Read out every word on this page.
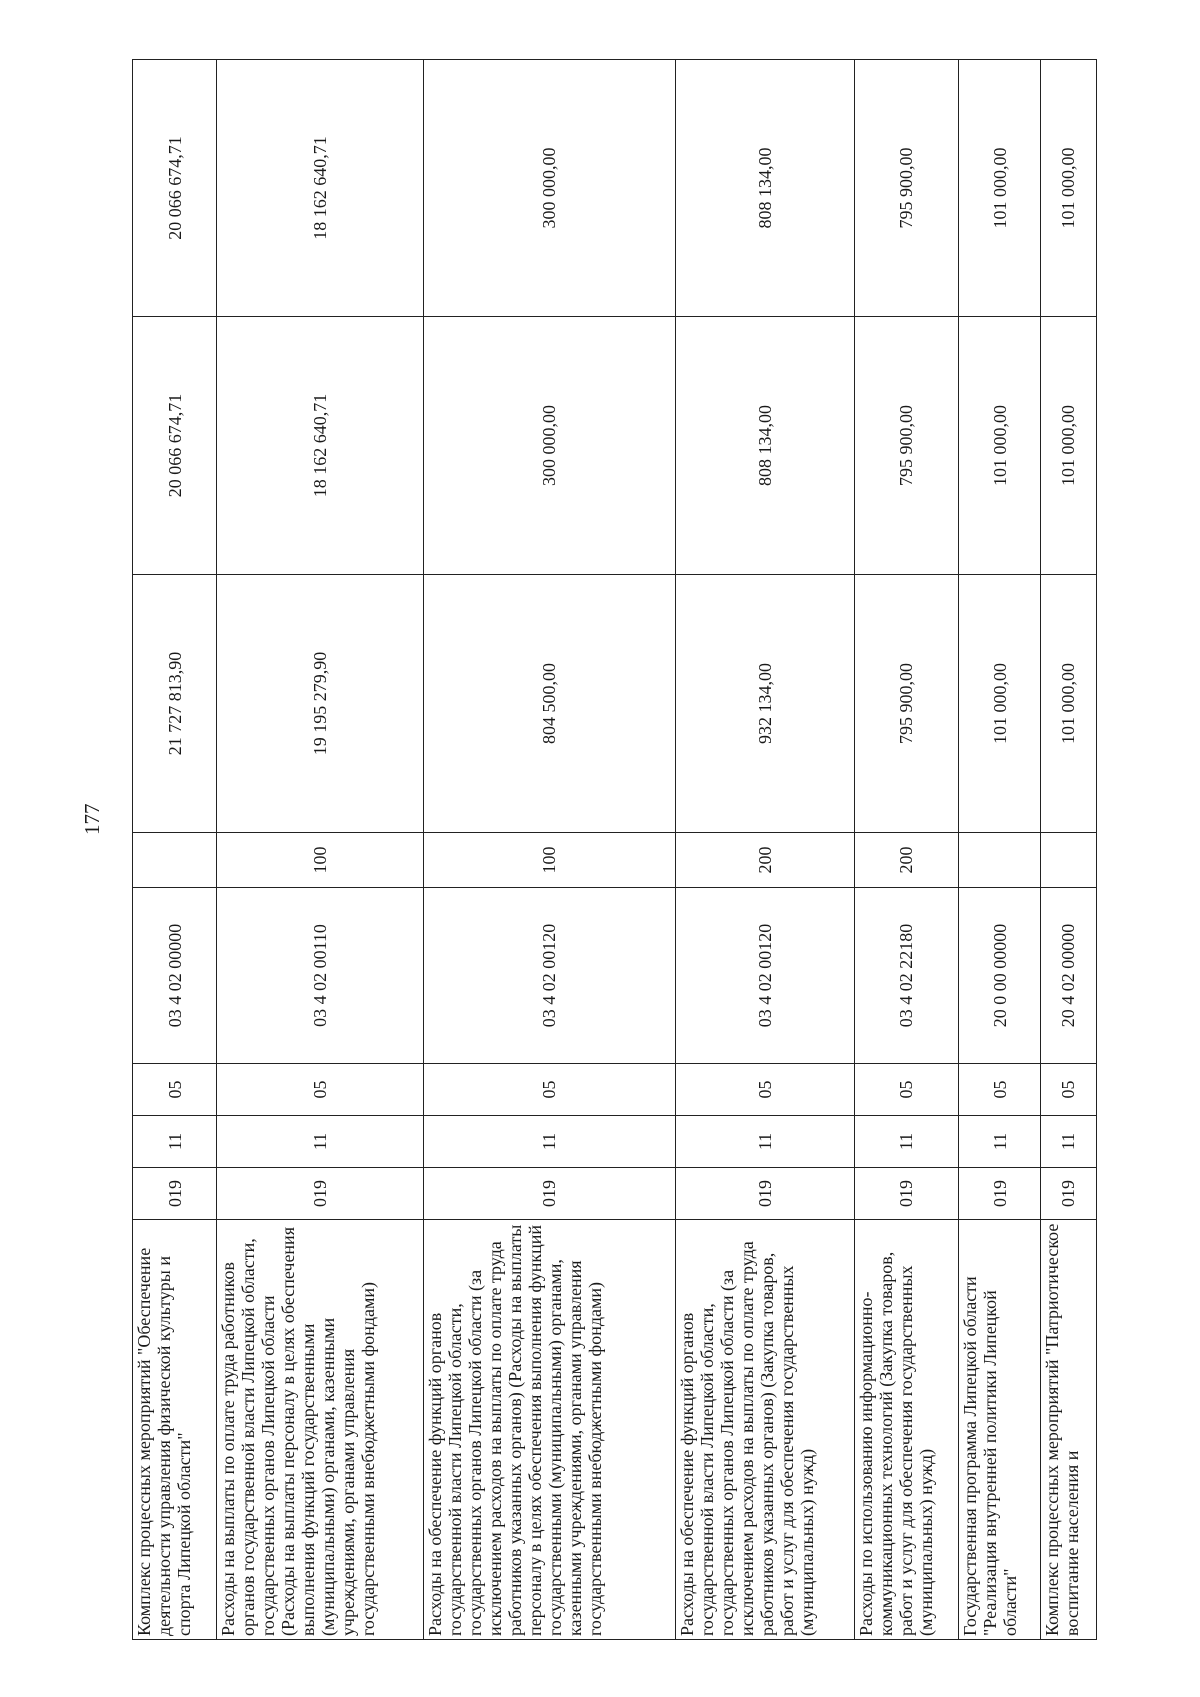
177
Комплекс процессных мероприятий "Обеспечение деятельности управления физической культуры и спорта Липецкой области"	019	11	05	03 4 02 00000		21 727 813,90	20 066 674,71	20 066 674,71
Расходы на выплаты по оплате труда работников органов государственной власти Липецкой области, государственных органов Липецкой области (Расходы на выплаты персоналу в целях обеспечения выполнения функций государственными (муниципальными) органами, казенными учреждениями, органами управления государственными внебюджетными фондами)	019	11	05	03 4 02 00110	100	19 195 279,90	18 162 640,71	18 162 640,71
Расходы на обеспечение функций органов государственной власти Липецкой области, государственных органов Липецкой области (за исключением расходов на выплаты по оплате труда работников указанных органов) (Расходы на выплаты персоналу в целях обеспечения выполнения функций государственными (муниципальными) органами, казенными учреждениями, органами управления государственными внебюджетными фондами)	019	11	05	03 4 02 00120	100	804 500,00	300 000,00	300 000,00
Расходы на обеспечение функций органов государственной власти Липецкой области, государственных органов Липецкой области (за исключением расходов на выплаты по оплате труда работников указанных органов) (Закупка товаров, работ и услуг для обеспечения государственных (муниципальных) нужд)	019	11	05	03 4 02 00120	200	932 134,00	808 134,00	808 134,00
Расходы по использованию информационно-коммуникационных технологий (Закупка товаров, работ и услуг для обеспечения государственных (муниципальных) нужд)	019	11	05	03 4 02 22180	200	795 900,00	795 900,00	795 900,00
Государственная программа Липецкой области "Реализация внутренней политики Липецкой области"	019	11	05	20 0 00 00000		101 000,00	101 000,00	101 000,00
Комплекс процессных мероприятий "Патриотическое воспитание населения и	019	11	05	20 4 02 00000		101 000,00	101 000,00	101 000,00
